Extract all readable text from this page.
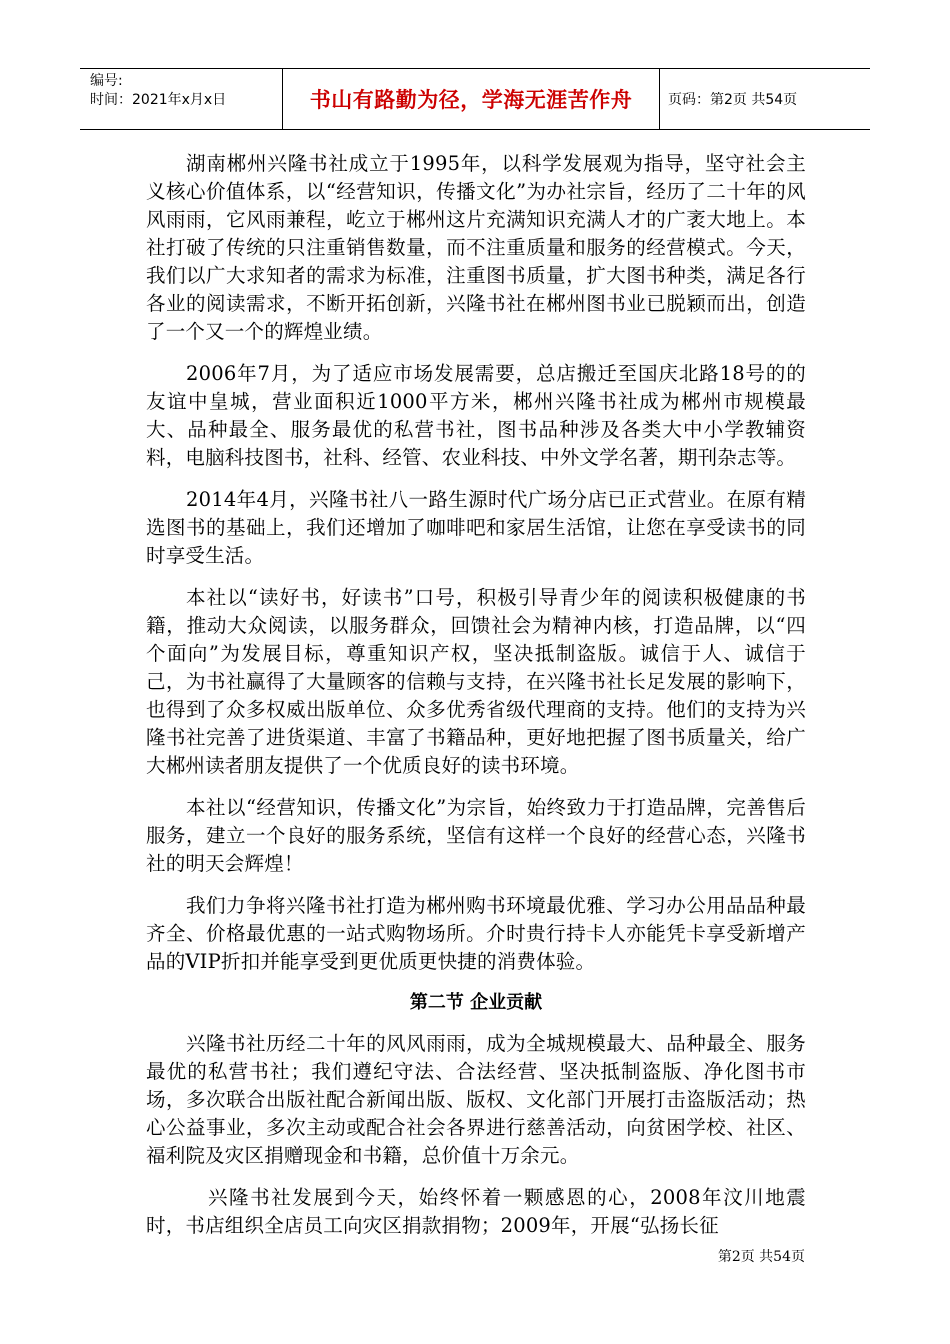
编号:
时间：2021年x月x日	书山有路勤为径，学海无涯苦作舟	页码：第2页 共54页

湖南郴州兴隆书社成立于1995年，以科学发展观为指导，坚守社会主义核心价值体系，以“经营知识，传播文化”为办社宗旨，经历了二十年的风风雨雨，它风雨兼程，屹立于郴州这片充满知识充满人才的广袤大地上。本社打破了传统的只注重销售数量，而不注重质量和服务的经营模式。今天，我们以广大求知者的需求为标准，注重图书质量，扩大图书种类，满足各行各业的阅读需求，不断开拓创新，兴隆书社在郴州图书业已脱颖而出，创造了一个又一个的辉煌业绩。

2006年7月，为了适应市场发展需要，总店搬迁至国庆北路18号的的友谊中皇城，营业面积近1000平方米，郴州兴隆书社成为郴州市规模最大、品种最全、服务最优的私营书社，图书品种涉及各类大中小学教辅资料，电脑科技图书，社科、经管、农业科技、中外文学名著，期刊杂志等。

2014年4月，兴隆书社八一路生源时代广场分店已正式营业。在原有精选图书的基础上，我们还增加了咖啡吧和家居生活馆，让您在享受读书的同时享受生活。

本社以“读好书，好读书”口号，积极引导青少年的阅读积极健康的书籍，推动大众阅读，以服务群众，回馈社会为精神内核，打造品牌，以“四个面向”为发展目标，尊重知识产权，坚决抵制盗版。诚信于人、诚信于己，为书社赢得了大量顾客的信赖与支持，在兴隆书社长足发展的影响下，也得到了众多权威出版单位、众多优秀省级代理商的支持。他们的支持为兴隆书社完善了进货渠道、丰富了书籍品种，更好地把握了图书质量关，给广大郴州读者朋友提供了一个优质良好的读书环境。

本社以“经营知识，传播文化”为宗旨，始终致力于打造品牌，完善售后服务，建立一个良好的服务系统，坚信有这样一个良好的经营心态，兴隆书社的明天会辉煌！

我们力争将兴隆书社打造为郴州购书环境最优雅、学习办公用品品种最齐全、价格最优惠的一站式购物场所。介时贵行持卡人亦能凭卡享受新增产品的VIP折扣并能享受到更优质更快捷的消费体验。

第二节 企业贡献

兴隆书社历经二十年的风风雨雨，成为全城规模最大、品种最全、服务最优的私营书社；我们遵纪守法、合法经营、坚决抵制盗版、净化图书市场，多次联合出版社配合新闻出版、版权、文化部门开展打击盗版活动；热心公益事业，多次主动或配合社会各界进行慈善活动，向贫困学校、社区、福利院及灾区捐赠现金和书籍，总价值十万余元。

兴隆书社发展到今天，始终怀着一颗感恩的心，2008年汶川地震时，书店组织全店员工向灾区捐款捐物；2009年，开展“弘扬长征

第2页 共54页
